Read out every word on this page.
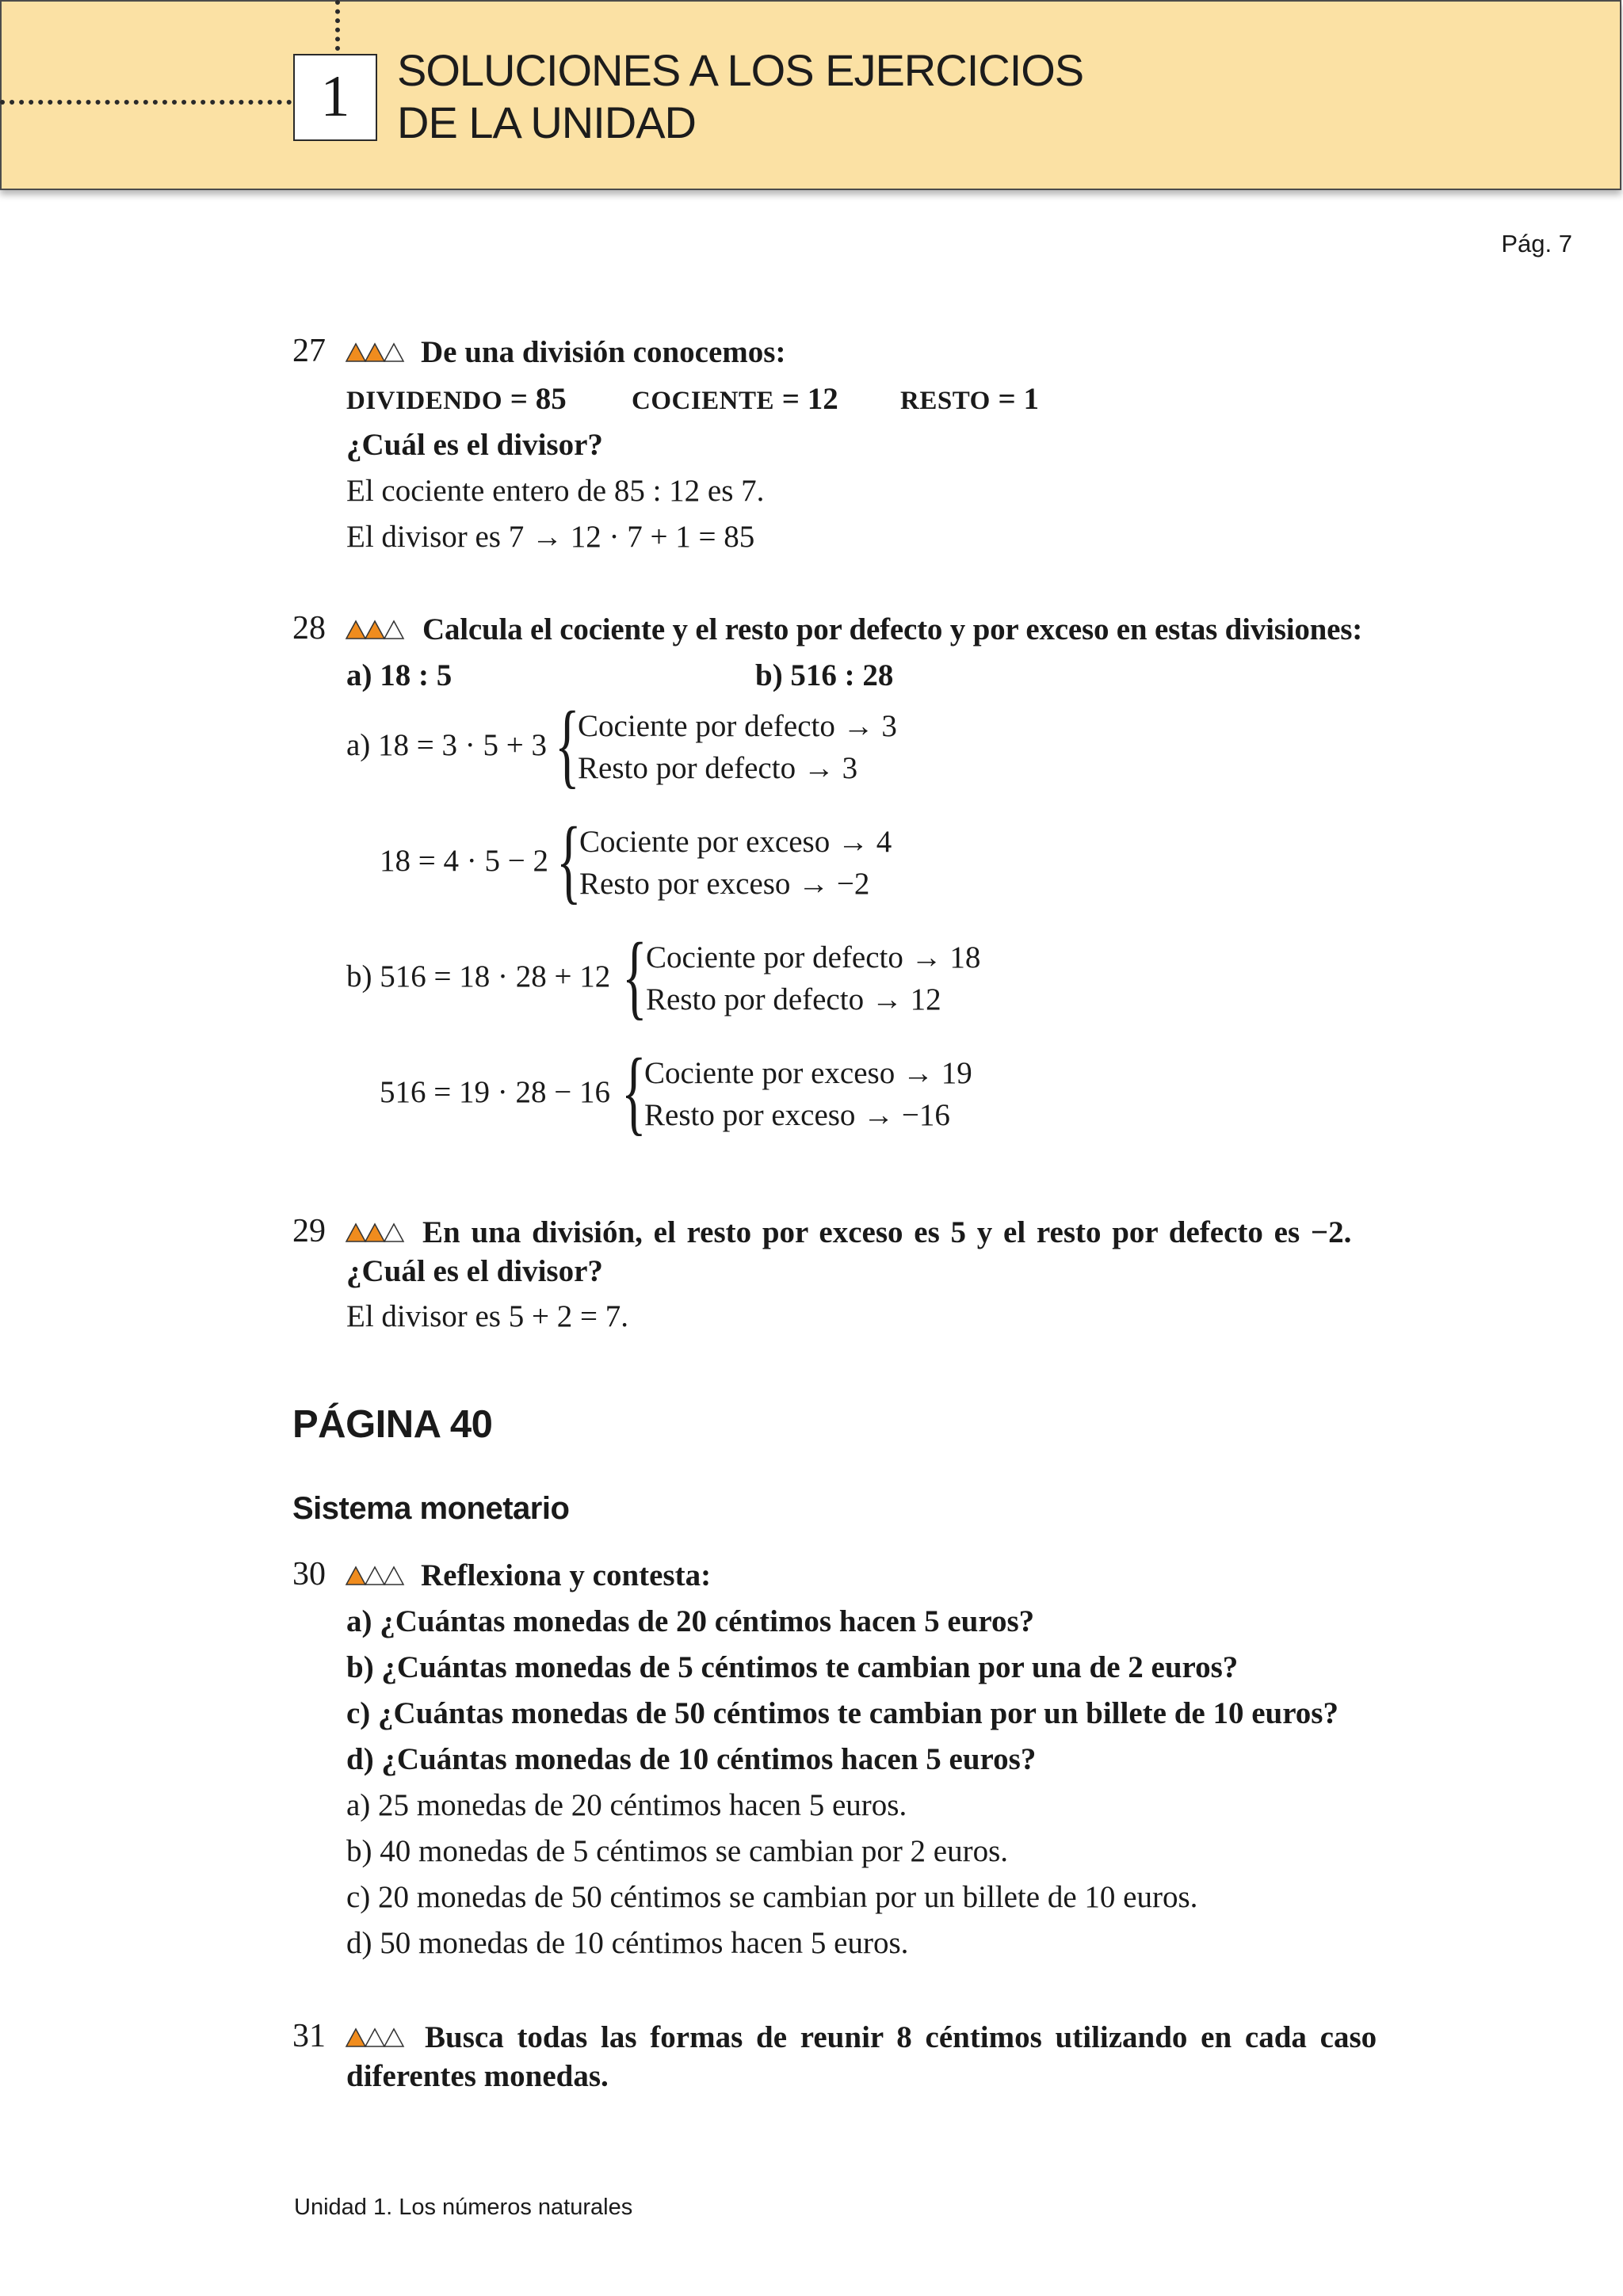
1	SOLUCIONES A LOS EJERCICIOS
DE LA UNIDAD
Pág. 7
27	De una división conocemos:
DIVIDENDO = 85 COCIENTE = 12 RESTO = 1
¿Cuál es el divisor?
El cociente entero de 85 : 12 es 7.
El divisor es 7 → 12 · 7 + 1 = 85
28	Calcula el cociente y el resto por defecto y por exceso en estas divisiones:
a) 18 : 5	b) 516 : 28
a) 18 = 3 · 5 + 3 {
Cociente por defecto → 3
Resto por defecto → 3
18 = 4 · 5 − 2 {
Cociente por exceso → 4
Resto por exceso → −2
b) 516 = 18 · 28 + 12 {
Cociente por defecto → 18
Resto por defecto → 12
516 = 19 · 28 − 16 {
Cociente por exceso → 19
Resto por exceso → −16
29	En una división, el resto por exceso es 5 y el resto por defecto es −2.
¿Cuál es el divisor?
El divisor es 5 + 2 = 7.
PÁGINA 40
Sistema monetario
30	Reflexiona y contesta:
a) ¿Cuántas monedas de 20 céntimos hacen 5 euros?
b) ¿Cuántas monedas de 5 céntimos te cambian por una de 2 euros?
c) ¿Cuántas monedas de 50 céntimos te cambian por un billete de 10 euros?
d) ¿Cuántas monedas de 10 céntimos hacen 5 euros?
a) 25 monedas de 20 céntimos hacen 5 euros.
b) 40 monedas de 5 céntimos se cambian por 2 euros.
c) 20 monedas de 50 céntimos se cambian por un billete de 10 euros.
d) 50 monedas de 10 céntimos hacen 5 euros.
31	Busca todas las formas de reunir 8 céntimos utilizando en cada caso
diferentes monedas.
Unidad 1. Los números naturales
